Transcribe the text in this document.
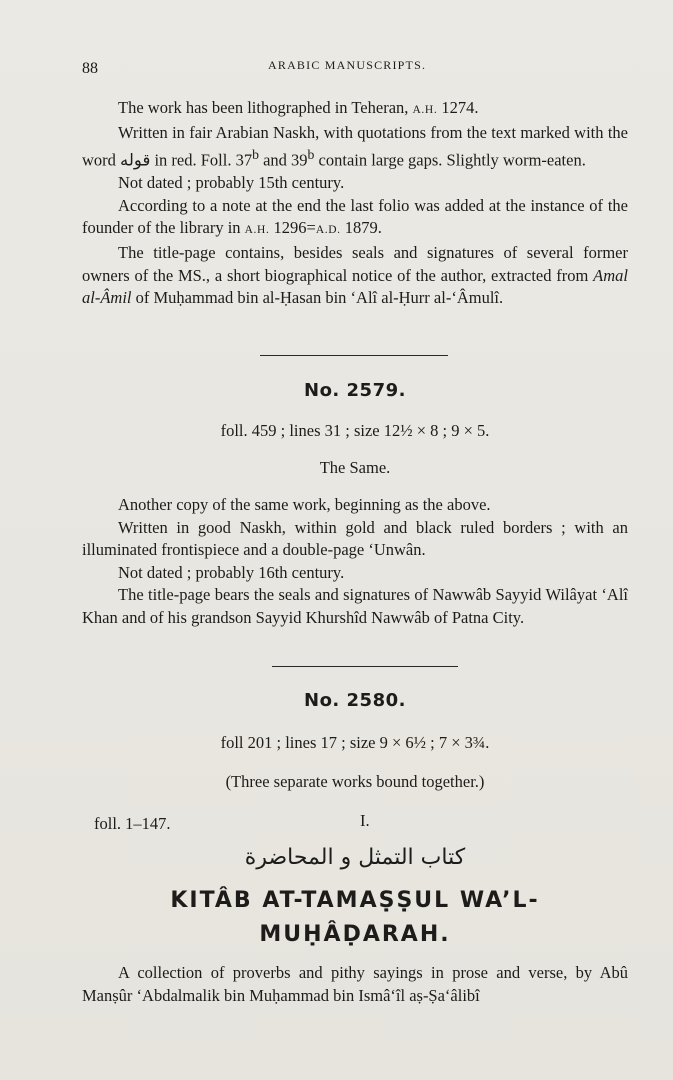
88	ARABIC MANUSCRIPTS.

The work has been lithographed in Teheran, A.H. 1274.

Written in fair Arabian Naskh, with quotations from the text marked with the word قوله in red. Foll. 37$^b$ and 39$^b$ contain large gaps. Slightly worm-eaten.

Not dated ; probably 15th century.

According to a note at the end the last folio was added at the instance of the founder of the library in A.H. 1296=A.D. 1879.

The title-page contains, besides seals and signatures of several former owners of the MS., a short biographical notice of the author, extracted from Amal al-Âmil of Muḥammad bin al-Ḥasan bin ‘Alî al-Ḥurr al-‘Âmulî.

No. 2579.
foll. 459 ; lines 31 ; size 12½ × 8 ; 9 × 5.
The Same.

Another copy of the same work, beginning as the above.

Written in good Naskh, within gold and black ruled borders ; with an illuminated frontispiece and a double-page ‘Unwân.

Not dated ; probably 16th century.

The title-page bears the seals and signatures of Nawwâb Sayyid Wilâyat ‘Alî Khan and of his grandson Sayyid Khurshîd Nawwâb of Patna City.

No. 2580.
foll 201 ; lines 17 ; size 9 × 6½ ; 7 × 3¾.
(Three separate works bound together.)
foll. 1–147.	I.
كتاب التمثل و المحاضرة
KITÂB AT-TAMAṢṢUL WA’L-
MUḤÂḌARAH.

A collection of proverbs and pithy sayings in prose and verse, by Abû Manṣûr ‘Abdalmalik bin Muḥammad bin Ismâ‘îl aṣ-Ṣa‘âlibî
